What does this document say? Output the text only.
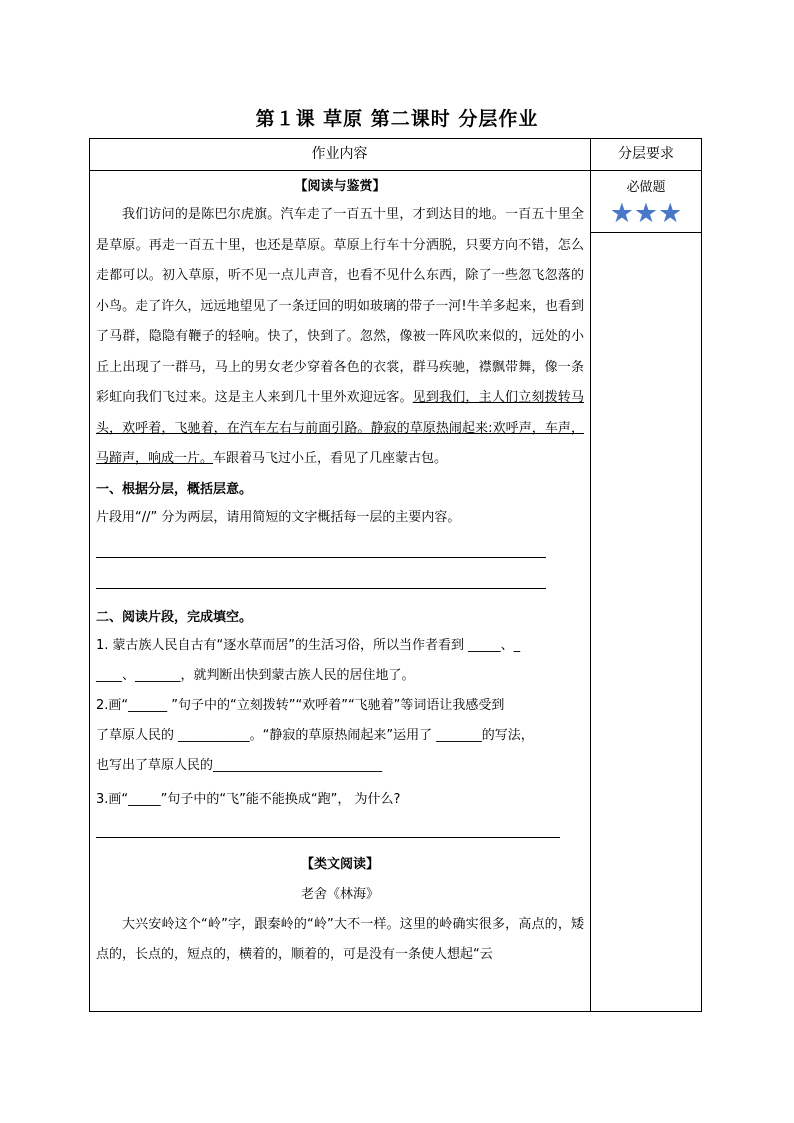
第１课 草原 第二课时 分层作业
作业内容	分层要求
必做题
★★★
【阅读与鉴赏】

我们访问的是陈巴尔虎旗。汽车走了一百五十里，才到达目的地。一百五十里全是草原。再走一百五十里，也还是草原。草原上行车十分洒脱，只要方向不错，怎么走都可以。初入草原，听不见一点儿声音，也看不见什么东西，除了一些忽飞忽落的小鸟。走了许久，远远地望见了一条迂回的明如玻璃的带子一河!牛羊多起来，也看到了马群，隐隐有鞭子的轻响。快了，快到了。忽然，像被一阵风吹来似的，远处的小丘上出现了一群马，马上的男女老少穿着各色的衣裳，群马疾驰，襟飘带舞，像一条彩虹向我们飞过来。这是主人来到几十里外欢迎远客。见到我们，主人们立刻拨转马头，欢呼着，飞驰着，在汽车左右与前面引路。静寂的草原热闹起来:欢呼声，车声，马蹄声，响成一片。车跟着马飞过小丘，看见了几座蒙古包。

一、根据分层，概括层意。

片段用“//” 分为两层，请用简短的文字概括每一层的主要内容。

二、阅读片段，完成填空。

1. 蒙古族人民自古有“逐水草而居”的生活习俗，所以当作者看到 _____、_

____、_______，就判断出快到蒙古族人民的居住地了。

2.画“______ ”句子中的“立刻拨转”“欢呼着”“飞驰着”等词语让我感受到

了草原人民的 ___________。“静寂的草原热闹起来”运用了 _______的写法，

也写出了草原人民的__________________________

3.画“_____”句子中的“飞”能不能换成“跑”， 为什么?

【类文阅读】
老舍《林海》

大兴安岭这个“岭”字，跟秦岭的“岭”大不一样。这里的岭确实很多，高点的，矮点的，长点的，短点的，横着的，顺着的，可是没有一条使人想起“云
